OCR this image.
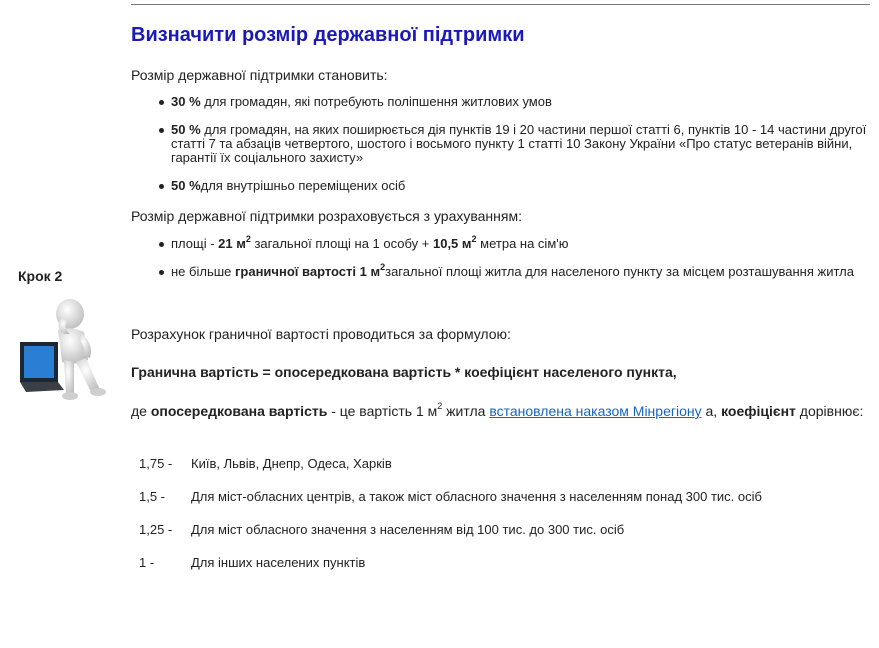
Крок 2
Визначити розмір державної підтримки

Розмір державної підтримки становить:

30 % для громадян, які потребують поліпшення житлових умов
50 % для громадян, на яких поширюється дія пунктів 19 і 20 частини першої статті 6, пунктів 10 - 14 частини другої статті 7 та абзаців четвертого, шостого і восьмого пункту 1 статті 10 Закону України «Про статус ветеранів війни, гарантії їх соціального захисту»
50 %для внутрішньо переміщених осіб

Розмір державної підтримки розраховується з урахуванням:

площі - 21 $м^2$ загальної площі на 1 особу + 10,5 $м^2$ метра на сім'ю
не більше граничної вартості 1 $м^2загальної$ площі житла для населеного пункту за місцем розташування житла

Розрахунок граничної вартості проводиться за формулою:

Гранична вартість = опосередкована вартість * коефіцієнт населеного пункта,

де опосередкована вартість - це вартість 1 $м^2$ житла встановлена наказом Мінрегіону а, коефіцієнт дорівнює:

1,75 - Київ, Львів, Днепр, Одеса, Харків
1,5 - Для міст-обласних центрів, а також міст обласного значення з населенням понад 300 тис. осіб
1,25 - Для міст обласного значення з населенням від 100 тис. до 300 тис. осіб
1 -	Для інших населених пунктів
